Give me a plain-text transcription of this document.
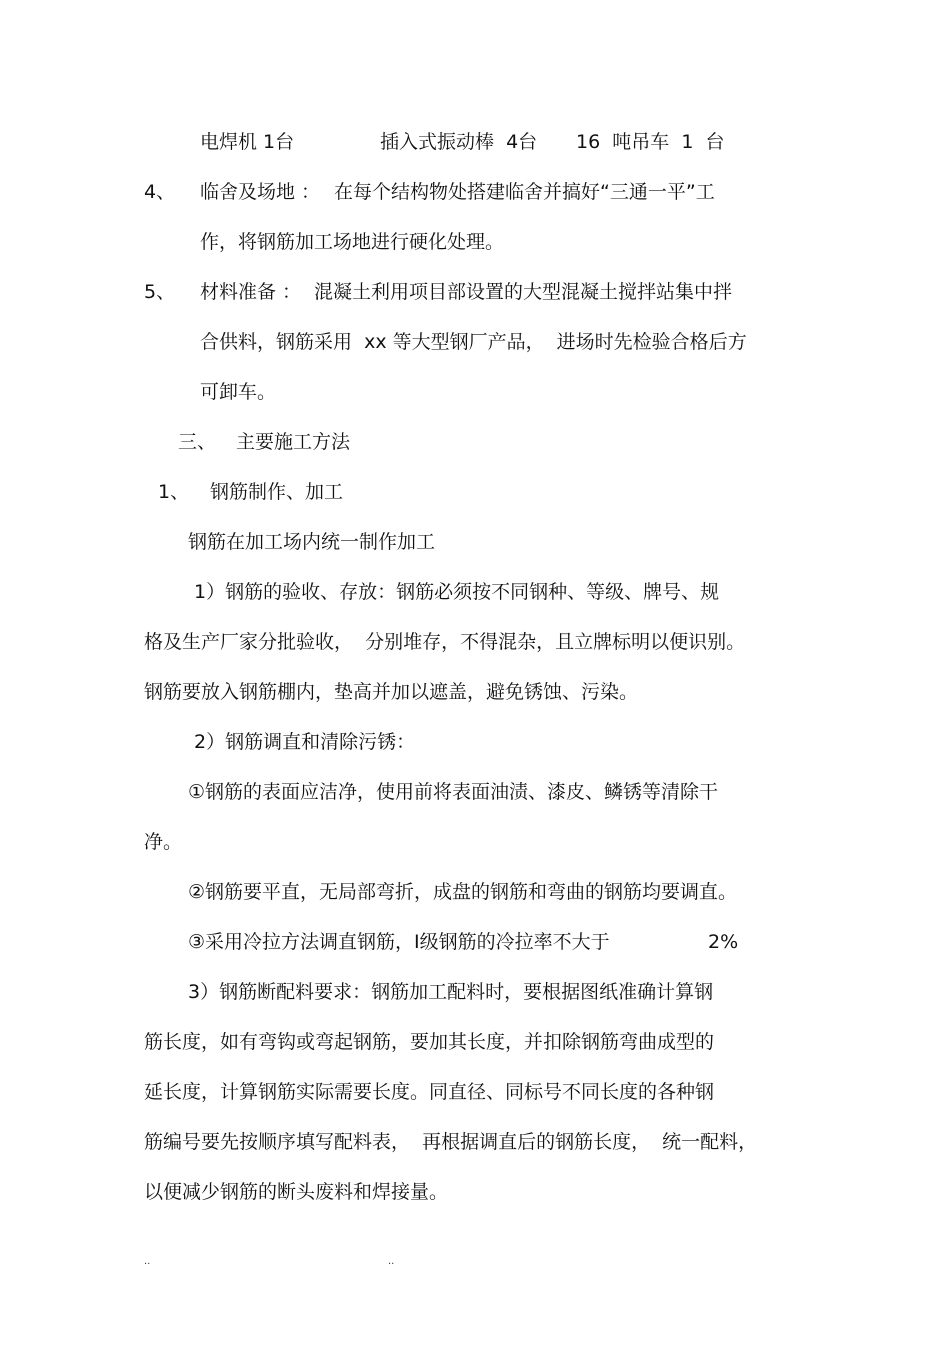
电焊机 1台	插入式振动棒  4台 16  吨吊车  1  台
4、 临舍及场地 ： 在每个结构物处搭建临舍并搞好“三通一平”工
作，将钢筋加工场地进行硬化处理。
5、 材料准备 ： 混凝土利用项目部设置的大型混凝土搅拌站集中拌
合供料，钢筋采用  xx 等大型钢厂产品，  进场时先检验合格后方
可卸车。
三、 主要施工方法
1、 钢筋制作、加工
钢筋在加工场内统一制作加工
1）钢筋的验收、存放：钢筋必须按不同钢种、等级、牌号、规
格及生产厂家分批验收，  分别堆存，不得混杂，且立牌标明以便识别。
钢筋要放入钢筋棚内，垫高并加以遮盖，避免锈蚀、污染。
2）钢筋调直和清除污锈：
①钢筋的表面应洁净，使用前将表面油渍、漆皮、鳞锈等清除干
净。
②钢筋要平直，无局部弯折，成盘的钢筋和弯曲的钢筋均要调直。
③采用冷拉方法调直钢筋，Ⅰ级钢筋的冷拉率不大于	2%
3）钢筋断配料要求：钢筋加工配料时，要根据图纸准确计算钢
筋长度，如有弯钩或弯起钢筋，要加其长度，并扣除钢筋弯曲成型的
延长度，计算钢筋实际需要长度。同直径、同标号不同长度的各种钢
筋编号要先按顺序填写配料表，  再根据调直后的钢筋长度，  统一配料，
以便减少钢筋的断头废料和焊接量。
..	..
